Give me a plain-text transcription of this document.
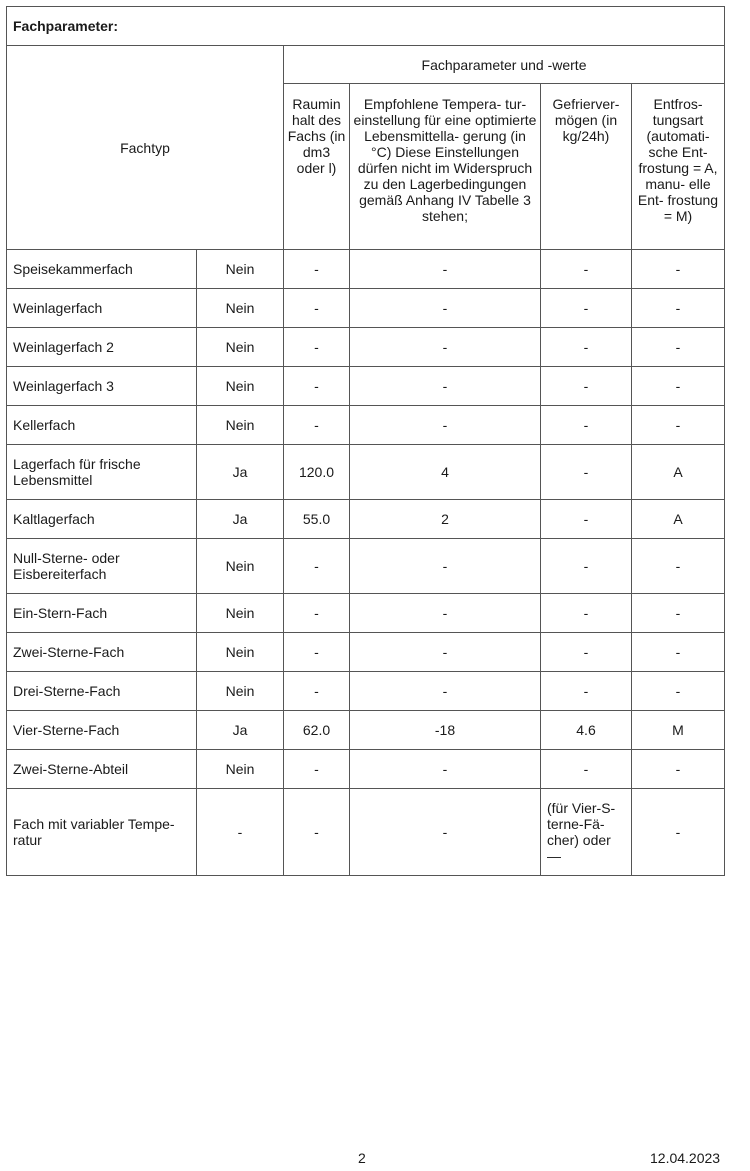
Fachparameter:					
Fachtyp		Fachparameter und -werte			
		Raumin halt des Fachs (in dm3 oder l)	Empfohlene Tempera- tur-einstellung für eine optimierte Lebensmittella- gerung (in °C) Diese Einstellungen dürfen nicht im Widerspruch zu den Lagerbedingungen gemäß Anhang IV Tabelle 3 stehen;	Gefrierver- mögen (in kg/24h)	Entfros- tungsart (automati- sche Ent- frostung = A, manu- elle Ent- frostung = M)
Speisekammerfach	Nein	-	-	-	-
Weinlagerfach	Nein	-	-	-	-
Weinlagerfach 2	Nein	-	-	-	-
Weinlagerfach 3	Nein	-	-	-	-
Kellerfach	Nein	-	-	-	-
Lagerfach für frische Lebensmittel	Ja	120.0	4	-	A
Kaltlagerfach	Ja	55.0	2	-	A
Null-Sterne- oder Eisbereiterfach	Nein	-	-	-	-
Ein-Stern-Fach	Nein	-	-	-	-
Zwei-Sterne-Fach	Nein	-	-	-	-
Drei-Sterne-Fach	Nein	-	-	-	-
Vier-Sterne-Fach	Ja	62.0	-18	4.6	M
Zwei-Sterne-Abteil	Nein	-	-	-	-
Fach mit variabler Tempe- ratur	-	-	-	(für Vier-S- terne-Fä- cher) oder —	-
2	12.04.2023
